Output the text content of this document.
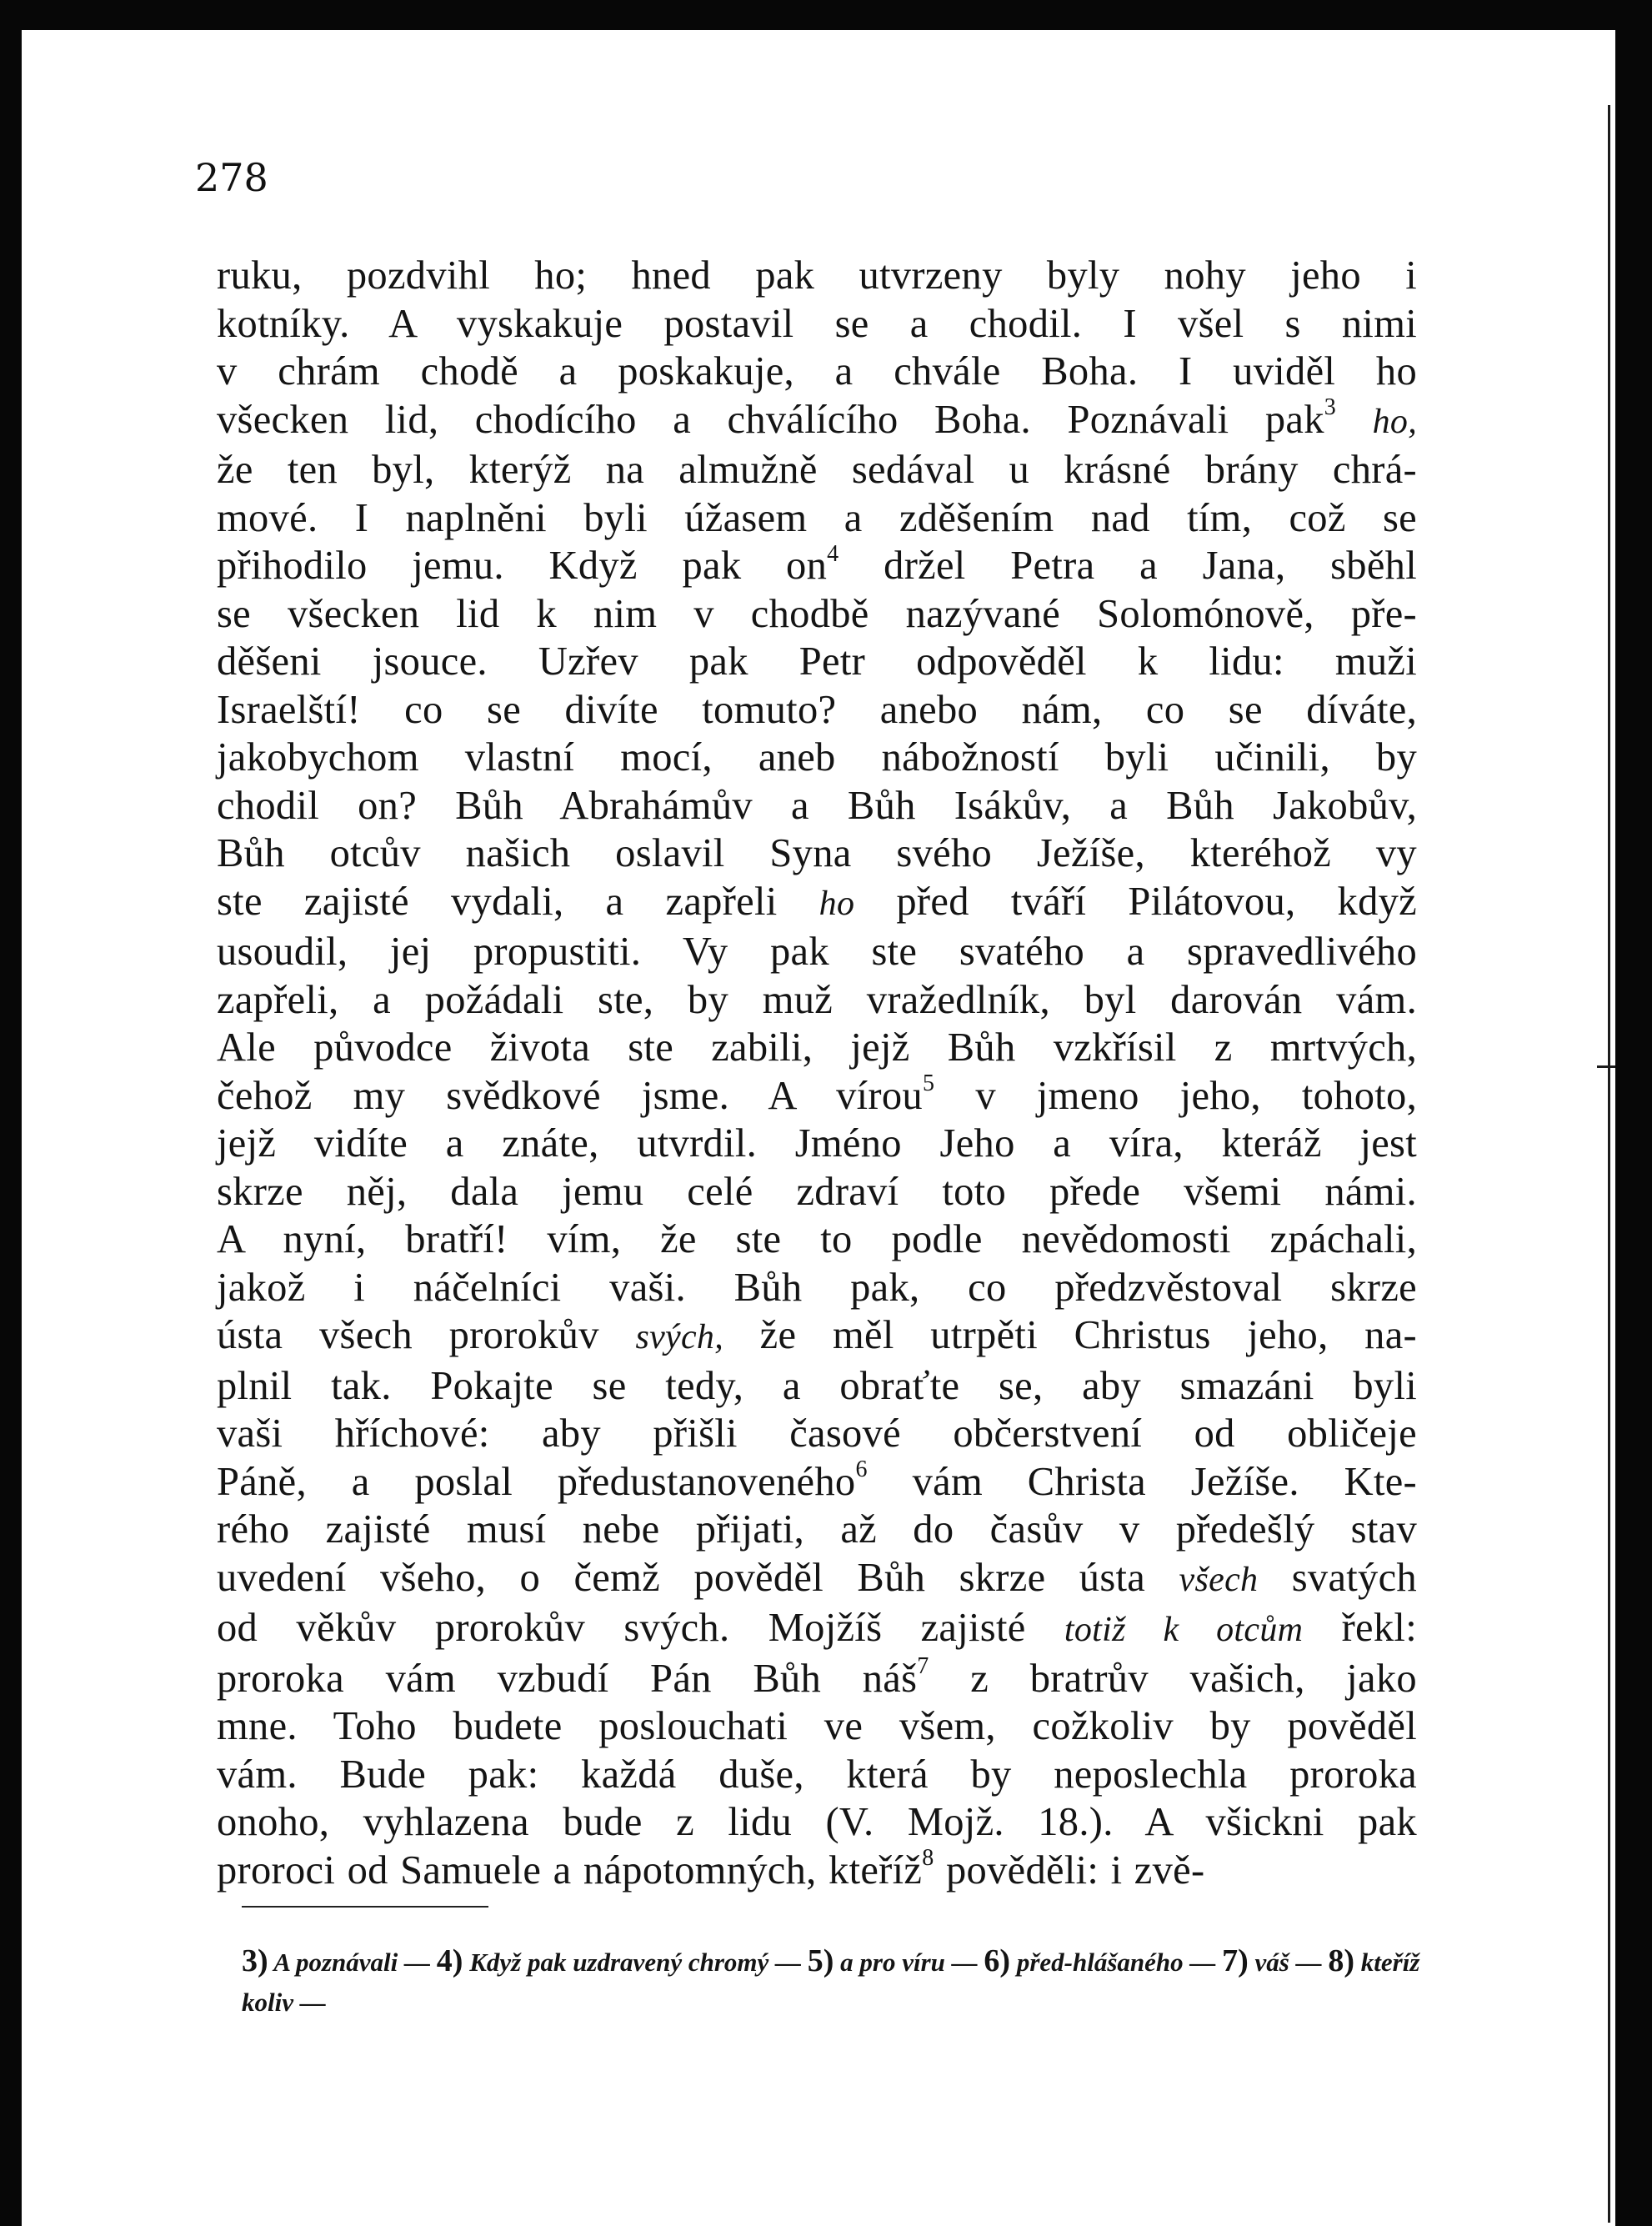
278

ruku, pozdvihl ho; hned pak utvrzeny byly nohy jeho i
kotníky. A vyskakuje postavil se a chodil. I všel s nimi
v chrám chodě a poskakuje, a chvále Boha. I uviděl ho
všecken lid, chodícího a chválícího Boha. Poznávali pak$^3$ ho,
že ten byl, kterýž na almužně sedával u krásné brány chrá-
mové. I naplněni byli úžasem a zděšením nad tím, což se
přihodilo jemu. Když pak $on^4$ držel Petra a Jana, sběhl
se všecken lid k nim v chodbě nazývané Solomónově, pře-
děšeni jsouce. Uzřev pak Petr odpověděl k lidu: muži
Israelští! co se divíte tomuto? anebo nám, co se díváte,
jakobychom vlastní mocí, aneb nábožností byli učinili, by
chodil on? Bůh Abrahámův a Bůh Isákův, a Bůh Jakobův,
Bůh otcův našich oslavil Syna svého Ježíše, kteréhož vy
ste zajisté vydali, a zapřeli ho před tváří Pilátovou, když
usoudil, jej propustiti. Vy pak ste svatého a spravedlivého
zapřeli, a požádali ste, by muž vražedlník, byl darován vám.
Ale původce života ste zabili, jejž Bůh vzkřísil z mrtvých,
čehož my svědkové jsme. A vírou$^5$ v jmeno jeho, tohoto,
jejž vidíte a znáte, utvrdil. Jméno Jeho a víra, kteráž jest
skrze něj, dala jemu celé zdraví toto přede všemi námi.
A nyní, bratří! vím, že ste to podle nevědomosti zpáchali,
jakož i náčelníci vaši. Bůh pak, co předzvěstoval skrze
ústa všech prorokův svých, že měl utrpěti Christus jeho, na-
plnil tak. Pokajte se tedy, a obraťte se, aby smazáni byli
vaši hříchové: aby přišli časové občerstvení od obličeje
Páně, a poslal předustanoveného$^6$ vám Christa Ježíše. Kte-
rého zajisté musí nebe přijati, až do časův v předešlý stav
uvedení všeho, o čemž pověděl Bůh skrze ústa všech svatých
od věkův prorokův svých. Mojžíš zajisté totiž k otcům řekl:
proroka vám vzbudí Pán Bůh náš$^7$ z bratrův vašich, jako
mne. Toho budete poslouchati ve všem, cožkoliv by pověděl
vám. Bude pak: každá duše, která by neposlechla proroka
onoho, vyhlazena bude z lidu (V. Mojž. 18.). A všickni pak
proroci od Samuele a nápotomných, kteříž$^8$ pověděli: i zvě-
3) A poznávali — 4) Když pak uzdravený chromý — 5) a pro víru — 6) před-hlášaného — 7) váš — 8) kteříž koliv —
